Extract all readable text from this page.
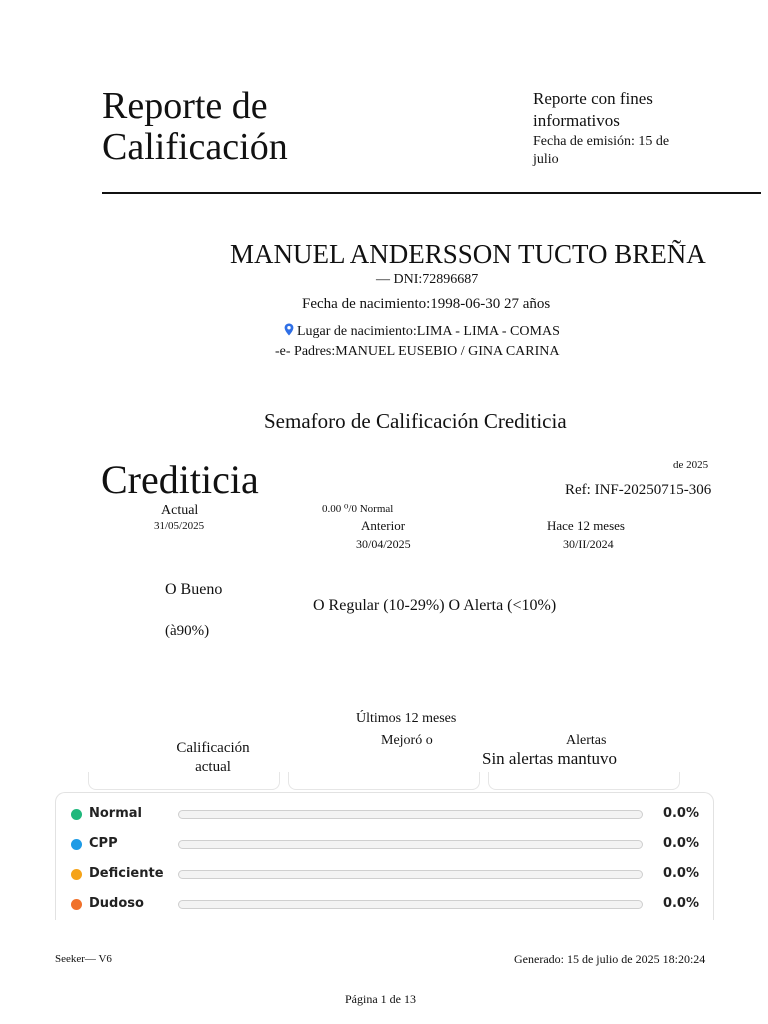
Reporte de
Calificación
Reporte con fines informativos
Fecha de emisión: 15 de julio
MANUEL ANDERSSON TUCTO BREÑA
— DNI:72896687
Fecha de nacimiento:1998-06-30 27 años
Lugar de nacimiento:LIMA - LIMA - COMAS
-e- Padres:MANUEL EUSEBIO / GINA CARINA
Semaforo de Calificación Crediticia
Crediticia	de 2025
Ref: INF-20250715-306
Actual
31/05/2025
0.00 ⁰/0 Normal
Anterior
30/04/2025
Hace 12 meses
30/II/2024
O Bueno
O Regular (10-29%) O Alerta (<10%)
(à90%)
Últimos 12 meses
Mejoró o
Calificación actual
Alertas
Sin alertas mantuvo
Normal	0.0%
CPP	0.0%
Deficiente	0.0%
Dudoso	0.0%
Seeker— V6	Generado: 15 de julio de 2025 18:20:24
Página 1 de 13
